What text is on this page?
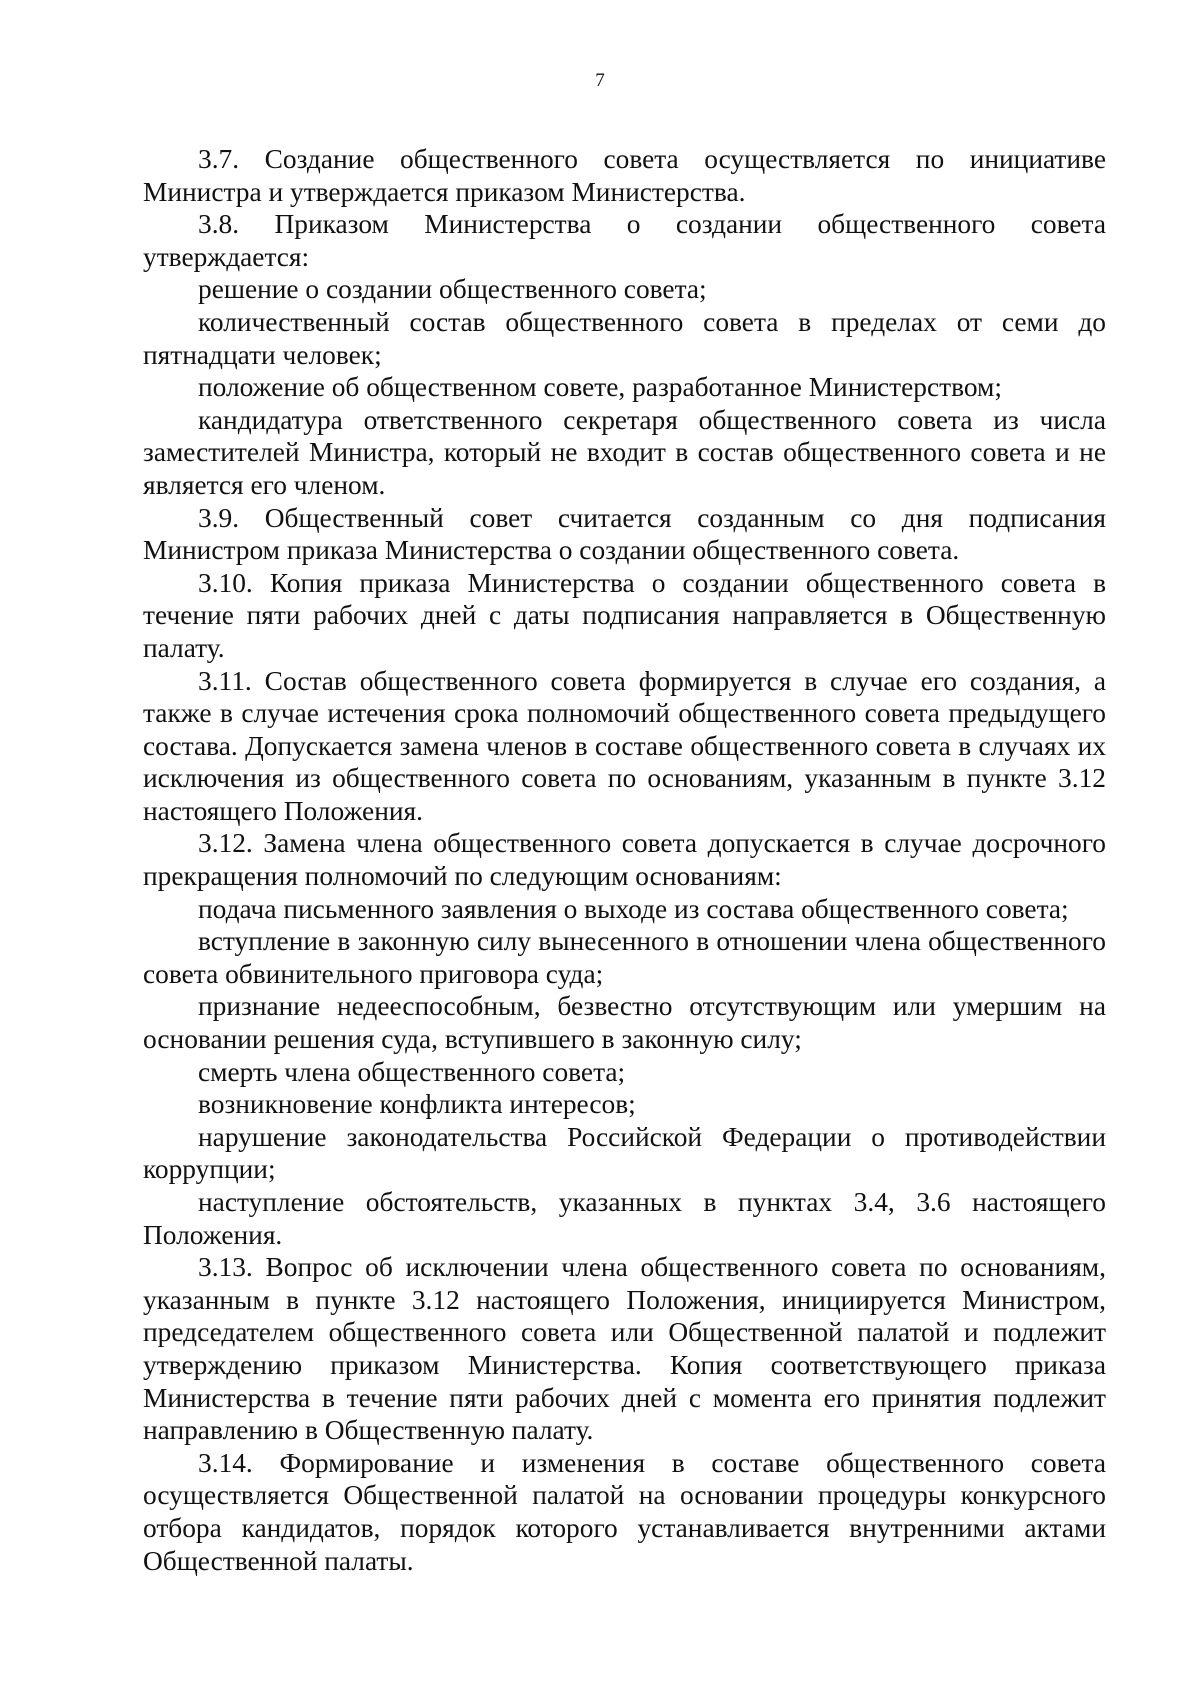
7

3.7. Создание общественного совета осуществляется по инициативе Министра и утверждается приказом Министерства.

3.8. Приказом Министерства о создании общественного совета утверждается:

решение о создании общественного совета;

количественный состав общественного совета в пределах от семи до пятнадцати человек;

положение об общественном совете, разработанное Министерством;

кандидатура ответственного секретаря общественного совета из числа заместителей Министра, который не входит в состав общественного совета и не является его членом.

3.9. Общественный совет считается созданным со дня подписания Министром приказа Министерства о создании общественного совета.

3.10. Копия приказа Министерства о создании общественного совета в течение пяти рабочих дней с даты подписания направляется в Общественную палату.

3.11. Состав общественного совета формируется в случае его создания, а также в случае истечения срока полномочий общественного совета предыдущего состава. Допускается замена членов в составе общественного совета в случаях их исключения из общественного совета по основаниям, указанным в пункте 3.12 настоящего Положения.

3.12. Замена члена общественного совета допускается в случае досрочного прекращения полномочий по следующим основаниям:

подача письменного заявления о выходе из состава общественного совета;

вступление в законную силу вынесенного в отношении члена общественного совета обвинительного приговора суда;

признание недееспособным, безвестно отсутствующим или умершим на основании решения суда, вступившего в законную силу;

смерть члена общественного совета;

возникновение конфликта интересов;

нарушение законодательства Российской Федерации о противодействии коррупции;

наступление обстоятельств, указанных в пунктах 3.4, 3.6 настоящего Положения.

3.13. Вопрос об исключении члена общественного совета по основаниям, указанным в пункте 3.12 настоящего Положения, инициируется Министром, председателем общественного совета или Общественной палатой и подлежит утверждению приказом Министерства. Копия соответствующего приказа Министерства в течение пяти рабочих дней с момента его принятия подлежит направлению в Общественную палату.

3.14. Формирование и изменения в составе общественного совета осуществляется Общественной палатой на основании процедуры конкурсного отбора кандидатов, порядок которого устанавливается внутренними актами Общественной палаты.
